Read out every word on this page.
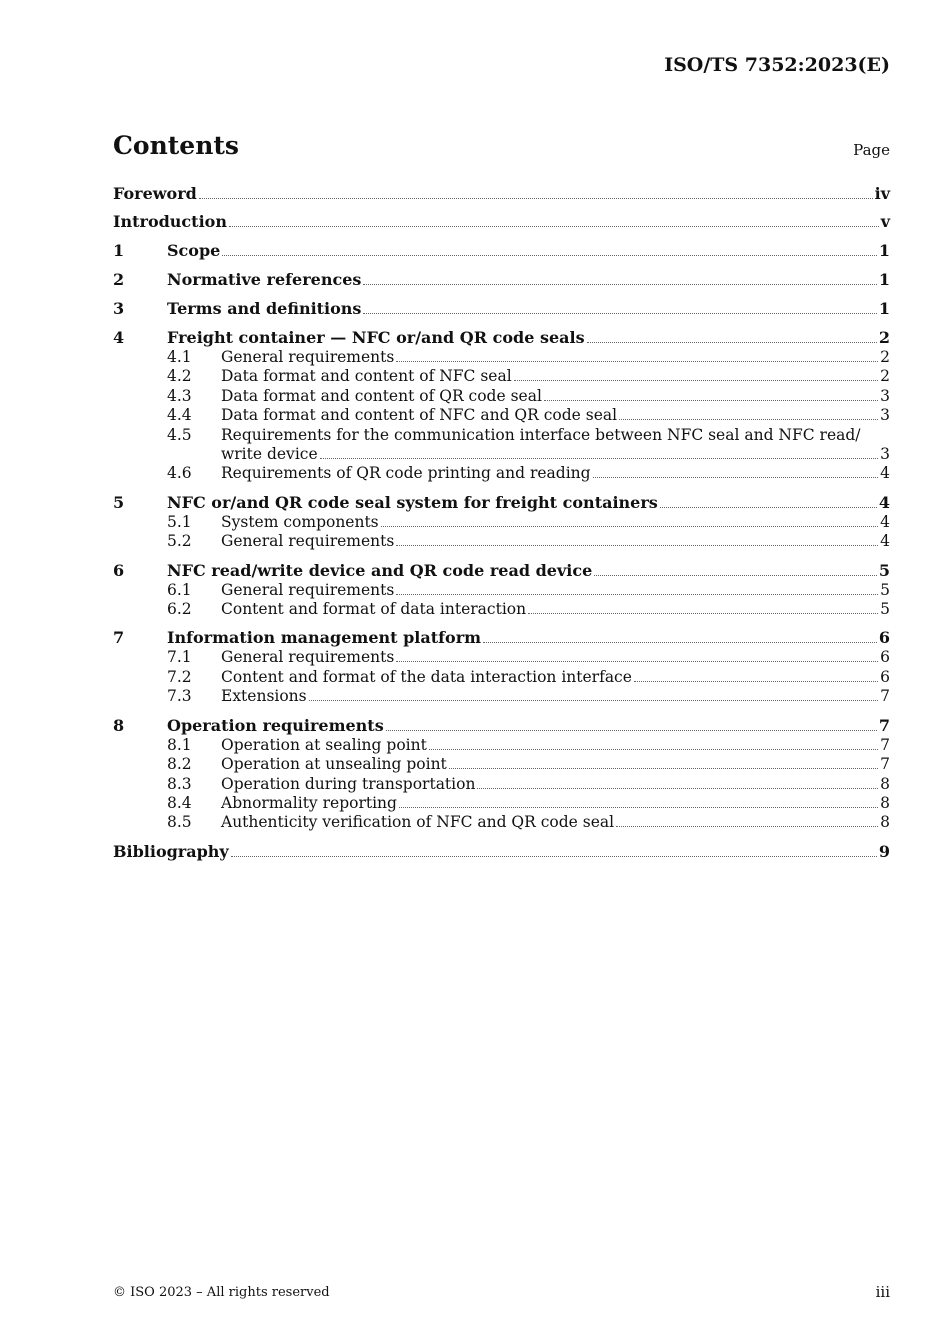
ISO/TS 7352:2023(E)
Contents	Page
Foreword	iv
Introduction	v
1	Scope	1
2	Normative references	1
3	Terms and definitions	1
4	Freight container — NFC or/and QR code seals	2
4.1	General requirements	2
4.2	Data format and content of NFC seal	2
4.3	Data format and content of QR code seal	3
4.4	Data format and content of NFC and QR code seal	3
4.5	Requirements for the communication interface between NFC seal and NFC read/
write device	3
4.6	Requirements of QR code printing and reading	4
5	NFC or/and QR code seal system for freight containers	4
5.1	System components	4
5.2	General requirements	4
6	NFC read/write device and QR code read device	5
6.1	General requirements	5
6.2	Content and format of data interaction	5
7	Information management platform	6
7.1	General requirements	6
7.2	Content and format of the data interaction interface	6
7.3	Extensions	7
8	Operation requirements	7
8.1	Operation at sealing point	7
8.2	Operation at unsealing point	7
8.3	Operation during transportation	8
8.4	Abnormality reporting	8
8.5	Authenticity verification of NFC and QR code seal	8
Bibliography	9
© ISO 2023 – All rights reserved	iii
